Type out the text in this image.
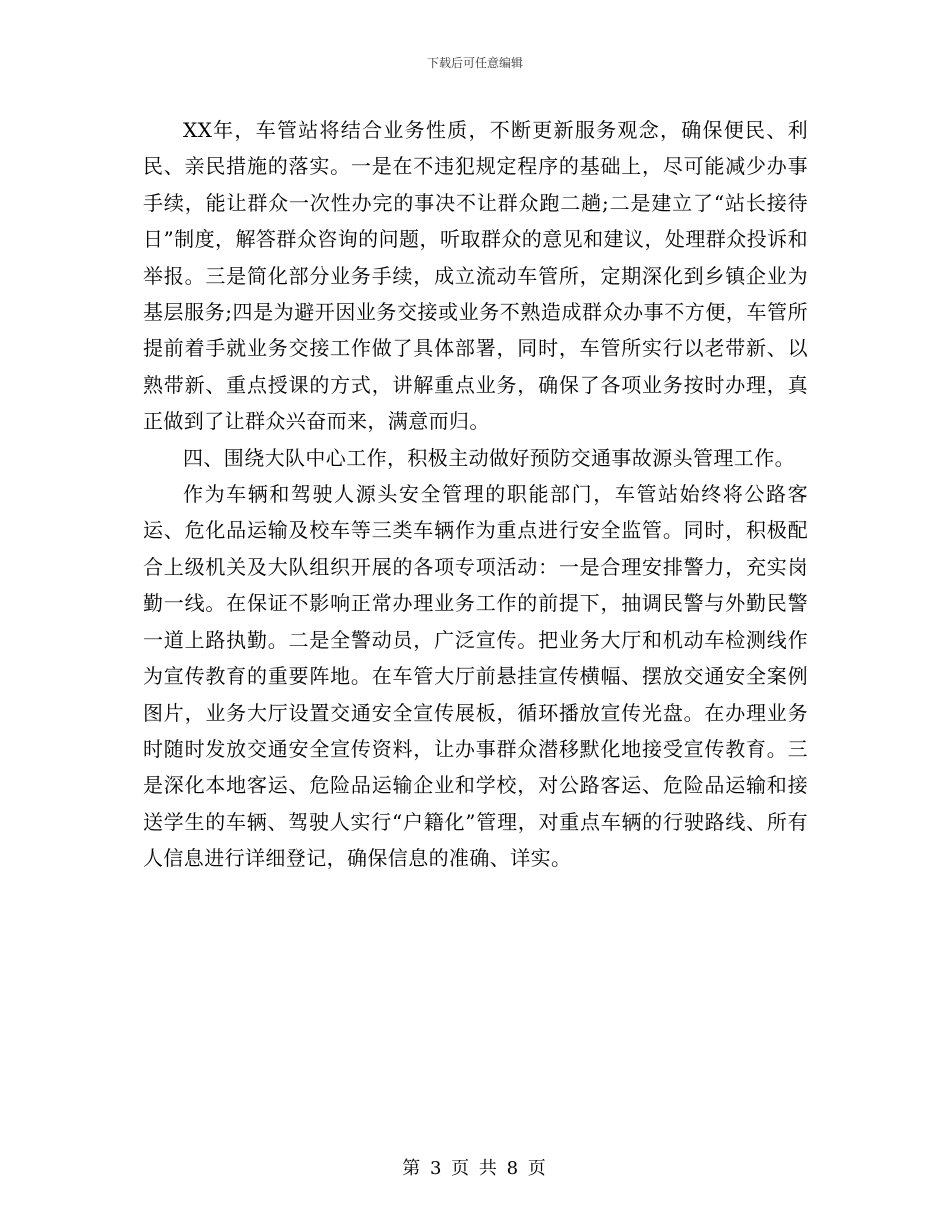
下载后可任意编辑

XX年，车管站将结合业务性质，不断更新服务观念，确保便民、利民、亲民措施的落实。一是在不违犯规定程序的基础上，尽可能减少办事手续，能让群众一次性办完的事决不让群众跑二趟;二是建立了“站长接待日”制度，解答群众咨询的问题，听取群众的意见和建议，处理群众投诉和举报。三是简化部分业务手续，成立流动车管所，定期深化到乡镇企业为基层服务;四是为避开因业务交接或业务不熟造成群众办事不方便，车管所提前着手就业务交接工作做了具体部署，同时，车管所实行以老带新、以熟带新、重点授课的方式，讲解重点业务，确保了各项业务按时办理，真正做到了让群众兴奋而来，满意而归。

四、围绕大队中心工作，积极主动做好预防交通事故源头管理工作。

作为车辆和驾驶人源头安全管理的职能部门，车管站始终将公路客运、危化品运输及校车等三类车辆作为重点进行安全监管。同时，积极配合上级机关及大队组织开展的各项专项活动：一是合理安排警力，充实岗勤一线。在保证不影响正常办理业务工作的前提下，抽调民警与外勤民警一道上路执勤。二是全警动员，广泛宣传。把业务大厅和机动车检测线作为宣传教育的重要阵地。在车管大厅前悬挂宣传横幅、摆放交通安全案例图片，业务大厅设置交通安全宣传展板，循环播放宣传光盘。在办理业务时随时发放交通安全宣传资料，让办事群众潜移默化地接受宣传教育。三是深化本地客运、危险品运输企业和学校，对公路客运、危险品运输和接送学生的车辆、驾驶人实行“户籍化”管理，对重点车辆的行驶路线、所有人信息进行详细登记，确保信息的准确、详实。

第 3 页 共 8 页
